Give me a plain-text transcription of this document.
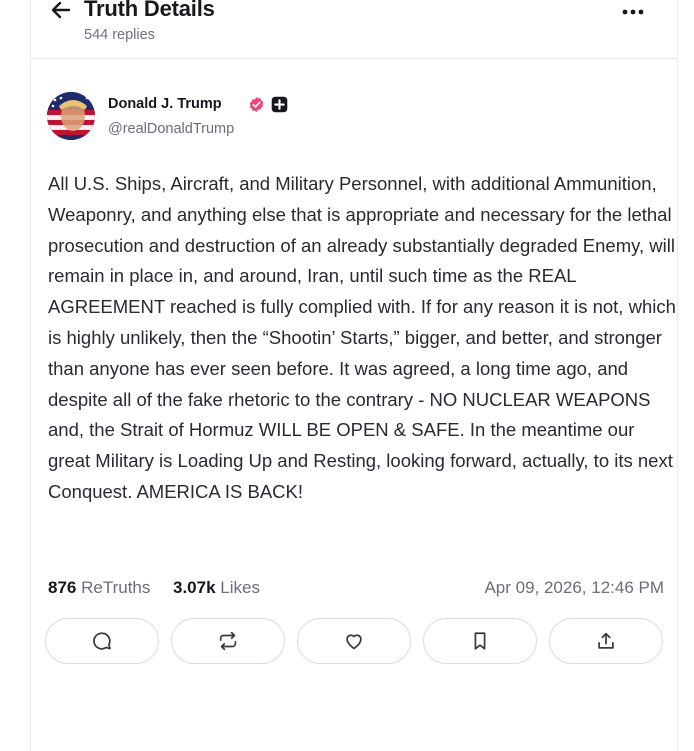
Truth Details
544 replies
Donald J. Trump
@realDonaldTrump

All U.S. Ships, Aircraft, and Military Personnel, with additional Ammunition, Weaponry, and anything else that is appropriate and necessary for the lethal prosecution and destruction of an already substantially degraded Enemy, will remain in place in, and around, Iran, until such time as the REAL AGREEMENT reached is fully complied with. If for any reason it is not, which is highly unlikely, then the “Shootin’ Starts,” bigger, and better, and stronger than anyone has ever seen before. It was agreed, a long time ago, and despite all of the fake rhetoric to the contrary - NO NUCLEAR WEAPONS and, the Strait of Hormuz WILL BE OPEN & SAFE. In the meantime our great Military is Loading Up and Resting, looking forward, actually, to its next Conquest. AMERICA IS BACK!

876 ReTruths 3.07k Likes	Apr 09, 2026, 12:46 PM
